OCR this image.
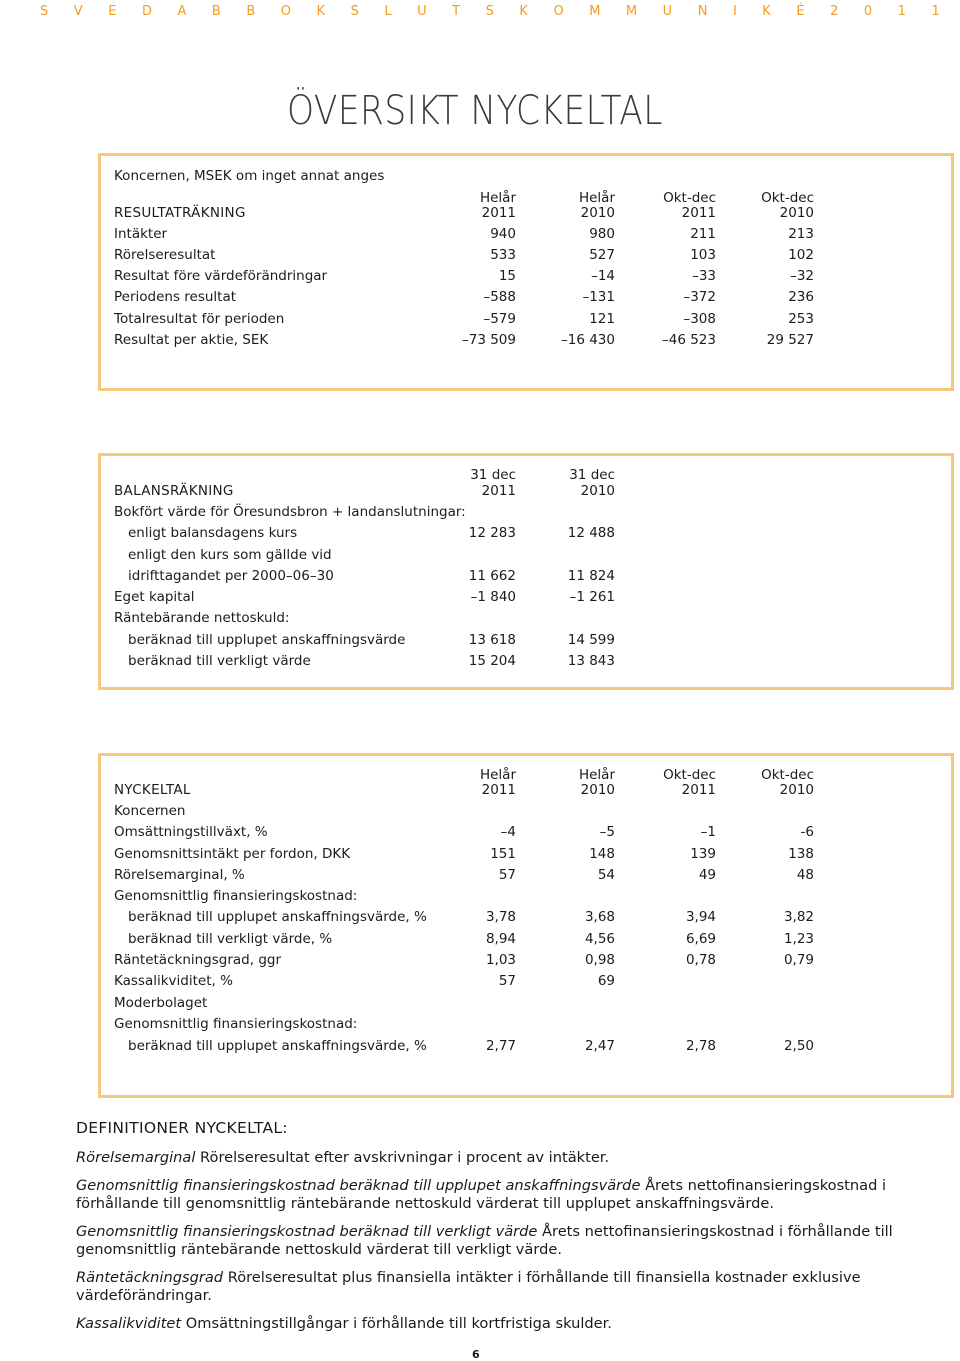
S V E D A B B O K S L U T S K O M M U N I K É 2 0 1 1
ÖVERSIKT NYCKELTAL
Koncernen, MSEK om inget annat anges
Helår	Helår	Okt-dec	Okt-dec
RESULTATRÄKNING	2011	2010	2011	2010
Intäkter	940	980	211	213
Rörelseresultat	533	527	103	102
Resultat före värdeförändringar	15	–14	–33	–32
Periodens resultat	–588	–131	–372	236
Totalresultat för perioden	–579	121	–308	253
Resultat per aktie, SEK	–73 509	–16 430	–46 523	29 527
31 dec	31 dec
BALANSRÄKNING	2011	2010
Bokfört värde för Öresundsbron + landanslutningar:
enligt balansdagens kurs	12 283	12 488
enligt den kurs som gällde vid
idrifttagandet per 2000–06–30	11 662	11 824
Eget kapital	–1 840	–1 261
Räntebärande nettoskuld:
beräknad till upplupet anskaffningsvärde	13 618	14 599
beräknad till verkligt värde	15 204	13 843
Helår	Helår	Okt-dec	Okt-dec
NYCKELTAL	2011	2010	2011	2010
Koncernen
Omsättningstillväxt, %	–4	–5	–1	-6
Genomsnittsintäkt per fordon, DKK	151	148	139	138
Rörelsemarginal, %	57	54	49	48
Genomsnittlig finansieringskostnad:
beräknad till upplupet anskaffningsvärde, %	3,78	3,68	3,94	3,82
beräknad till verkligt värde, %	8,94	4,56	6,69	1,23
Räntetäckningsgrad, ggr	1,03	0,98	0,78	0,79
Kassalikviditet, %	57	69
Moderbolaget
Genomsnittlig finansieringskostnad:
beräknad till upplupet anskaffningsvärde, %	2,77	2,47	2,78	2,50
DEFINITIONER NYCKELTAL:
Rörelsemarginal Rörelseresultat efter avskrivningar i procent av intäkter.
Genomsnittlig finansieringskostnad beräknad till upplupet anskaffningsvärde Årets nettofinansieringskostnad i förhållande till genomsnittlig räntebärande nettoskuld värderat till upplupet anskaffningsvärde.
Genomsnittlig finansieringskostnad beräknad till verkligt värde Årets nettofinansieringskostnad i förhållande till genomsnittlig räntebärande nettoskuld värderat till verkligt värde.
Räntetäckningsgrad Rörelseresultat plus finansiella intäkter i förhållande till finansiella kostnader exklusive värdeförändringar.
Kassalikviditet Omsättningstillgångar i förhållande till kortfristiga skulder.
6
